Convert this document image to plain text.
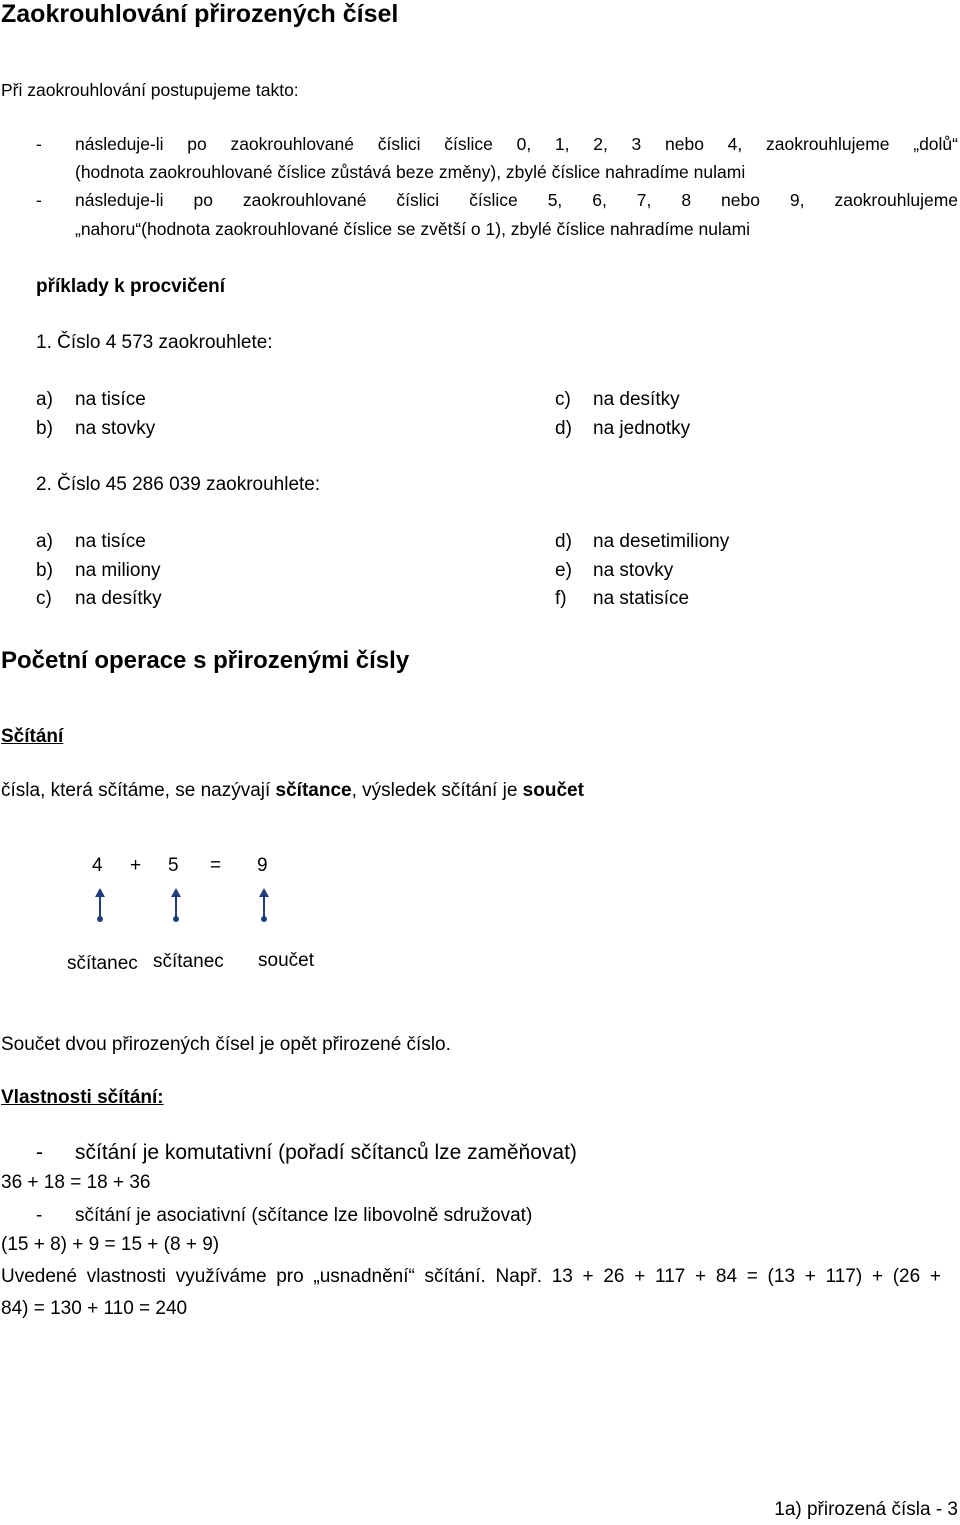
Zaokrouhlování přirozených čísel
Při zaokrouhlování postupujeme takto:
- následuje-li po zaokrouhlované číslici číslice 0, 1, 2, 3 nebo 4, zaokrouhlujeme „dolů“
(hodnota zaokrouhlované číslice zůstává beze změny), zbylé číslice nahradíme nulami
- následuje-li po zaokrouhlované číslici číslice 5, 6, 7, 8 nebo 9, zaokrouhlujeme
„nahoru“(hodnota zaokrouhlované číslice se zvětší o 1), zbylé číslice nahradíme nulami
příklady k procvičení
1. Číslo 4 573 zaokrouhlete:
a) na tisíce
b) na stovky
c) na desítky
d) na jednotky
2. Číslo 45 286 039 zaokrouhlete:
a) na tisíce
b) na miliony
c) na desítky
d) na desetimiliony
e) na stovky
f) na statisíce
Početní operace s přirozenými čísly
Sčítání
čísla, která sčítáme, se nazývají sčítance, výsledek sčítání je součet
4 + 5 = 9
sčítanec sčítanec součet
Součet dvou přirozených čísel je opět přirozené číslo.
Vlastnosti sčítání:
- sčítání je komutativní (pořadí sčítanců lze zaměňovat)
36 + 18 = 18 + 36
- sčítání je asociativní (sčítance lze libovolně sdružovat)
(15 + 8) + 9 = 15 + (8 + 9)
Uvedené vlastnosti využíváme pro „usnadnění“ sčítání. Např. 13 + 26 + 117 + 84 = (13 + 117) + (26 +
84) = 130 + 110 = 240
1a) přirozená čísla - 3
